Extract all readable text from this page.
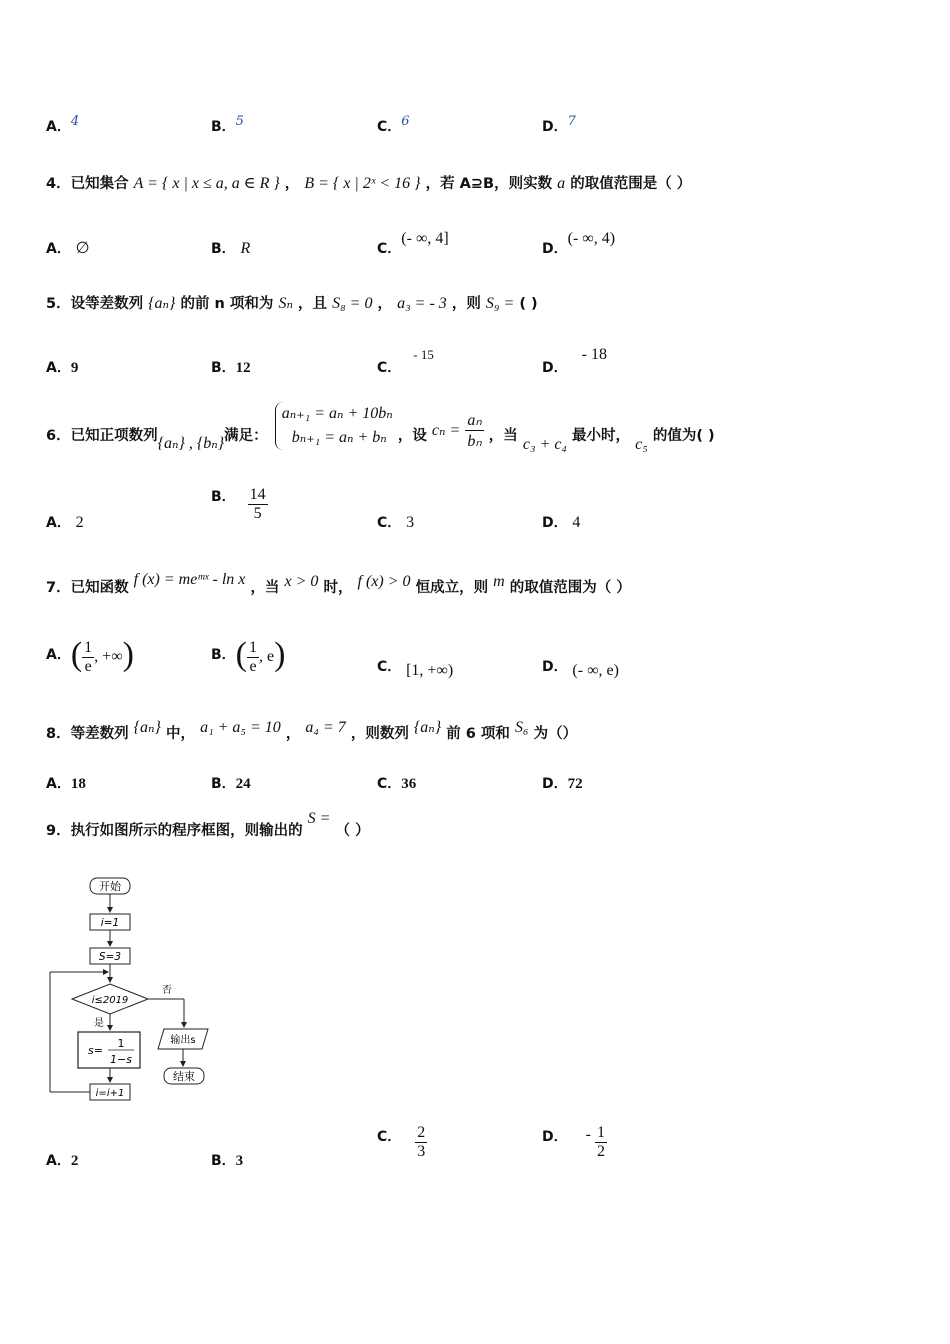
A．4	B．5	C．6	D．7
4．已知集合 A = { x | x ≤ a, a ∈ R } ， B = { x | 2ˣ < 16 } ，若 A⊇B，则实数 a 的取值范围是（ ）
A． ∅	B． R	C．(- ∞, 4]
D．(- ∞, 4)
5．设等差数列 {aₙ} 的前 n 项和为 Sₙ ，且 S₈ = 0 ， a₃ = - 3 ，则 S₉ = ( )
A．9	B．12	C．- 15
D．- 18
6．已知正项数列{aₙ} , {bₙ}满足：
aₙ₊₁ = aₙ + 10bₙ
bₙ₊₁ = aₙ + bₙ ，设 $c_n = \frac{\text{aₙ}}{\text{bₙ}}$ ，当 c₃ + c₄ 最小时， c₅ 的值为( )
A． 2
B． $\frac{14}{5}$	C． 3	D． 4
7．已知函数 f (x) = meᵐˣ - ln x ，当 x > 0 时， f (x) > 0 恒成立，则 m 的取值范围为（ ）
A．( $\frac{1}{e}$ , +∞)	B．( $\frac{1}{e}$ , e)	C． [1, +∞)	D． (- ∞, e)
8．等差数列 {aₙ} 中， a₁ + a₅ = 10 ， a₄ = 7 ，则数列 {aₙ} 前 6 项和 S₆ 为（）
A．18	B．24	C．36	D．72
9．执行如图所示的程序框图，则输出的 S = （ ）
开始
i=1
S=3
i≤2019
否
输出s
结束
是
s=
1
1−s
i=i+1
A．2	B．3
C． $\frac{2}{3}$	D． - $\frac{1}{2}$
